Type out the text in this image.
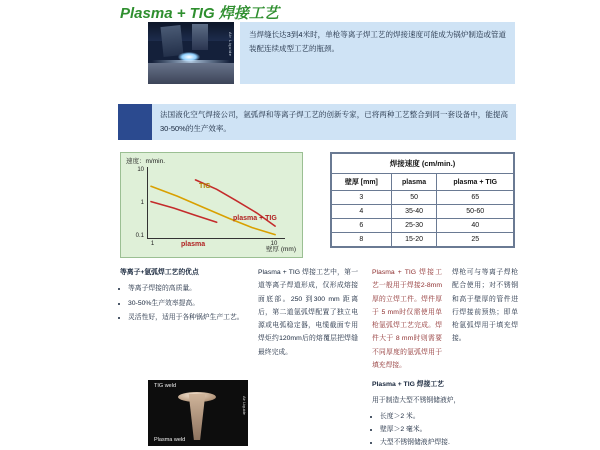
Plasma + TIG 焊接工艺
Air Liquide	当焊缝长达3到4米时，单枪等离子焊工艺的焊接速度可能成为锅炉制造或管道装配连续成型工艺的瓶颈。
法国液化空气焊接公司，氩弧焊和等离子焊工艺的创新专家，已将两种工艺整合到同一套设备中，能提高30-50%的生产效率。
速度：m/min.
10
1
0.1
1	10
TIG
plasma + TIG
plasma
壁厚 (mm)
焊接速度 (cm/min.)		
壁厚 [mm]	plasma	plasma + TIG
3	50	65
4	35-40	50-60
6	25-30	40
8	15-20	25
等离子+氩弧焊工艺的优点
• 等离子焊接的高质量。
• 30-50%生产效率提高。
• 灵活性好，适用于各种锅炉生产工艺。
Plasma + TIG 焊接工艺中，第一道等离子焊道形成，仅形成熔接面底部。250 到300 mm 距离后，第二道氩弧焊配置了独立电源或电弧稳定器，电缆截面专用焊炬约120mm后的熔覆层把焊缝最终完成。
Plasma + TIG 焊接工艺一般用于焊接2-8mm厚的立焊工件。焊件厚于 5 mm时仅需使用单枪氩弧焊工艺完成。焊件大于 8 mm时则需要不同厚度的氩弧焊用于填充焊接。
焊枪可与等离子焊枪配合使用；对不锈钢和高于壁厚的管件进行焊接前预热；即单枪氩弧焊用于填充焊接。
Plasma + TIG 焊接工艺
用于制造大型不锈钢储液炉，
• 长度＞2 米。
• 壁厚＞2 毫米。
• 大型不锈钢储液炉焊接.
TIG weld
Plasma weld
Air Liquide
